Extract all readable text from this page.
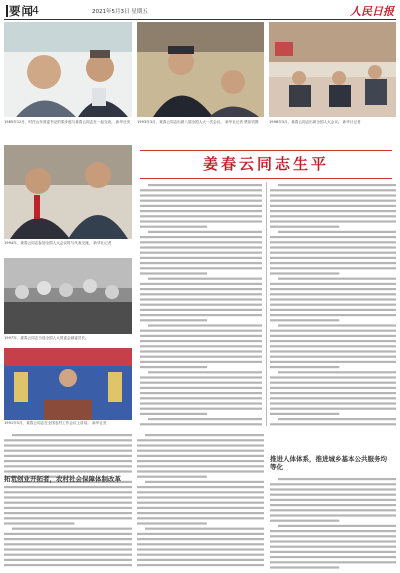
要闻
4	2021年5月3日 星期五	人民日报
1985年12月，时任山东省委书记的梁步庭与姜春云同志在一起交谈。 新华社发	1993年3月，姜春云同志出席八届全国人大一次会议。 新华社记者 樊如钧摄	1998年3月，姜春云同志出席全国人大会议。 新华社记者
1994年，姜春云同志参加全国人大会议时与代表交流。 新华社记者
1997年，姜春云同志当选全国人大常委会副委员长。
1991年5月，姜春云同志在全国农村工作会议上讲话。 新华社发
姜春云同志生平
拓荒创业开拓者，农村社会保障体制改革
推进人体体系，推进城乡基本公共服务均等化
